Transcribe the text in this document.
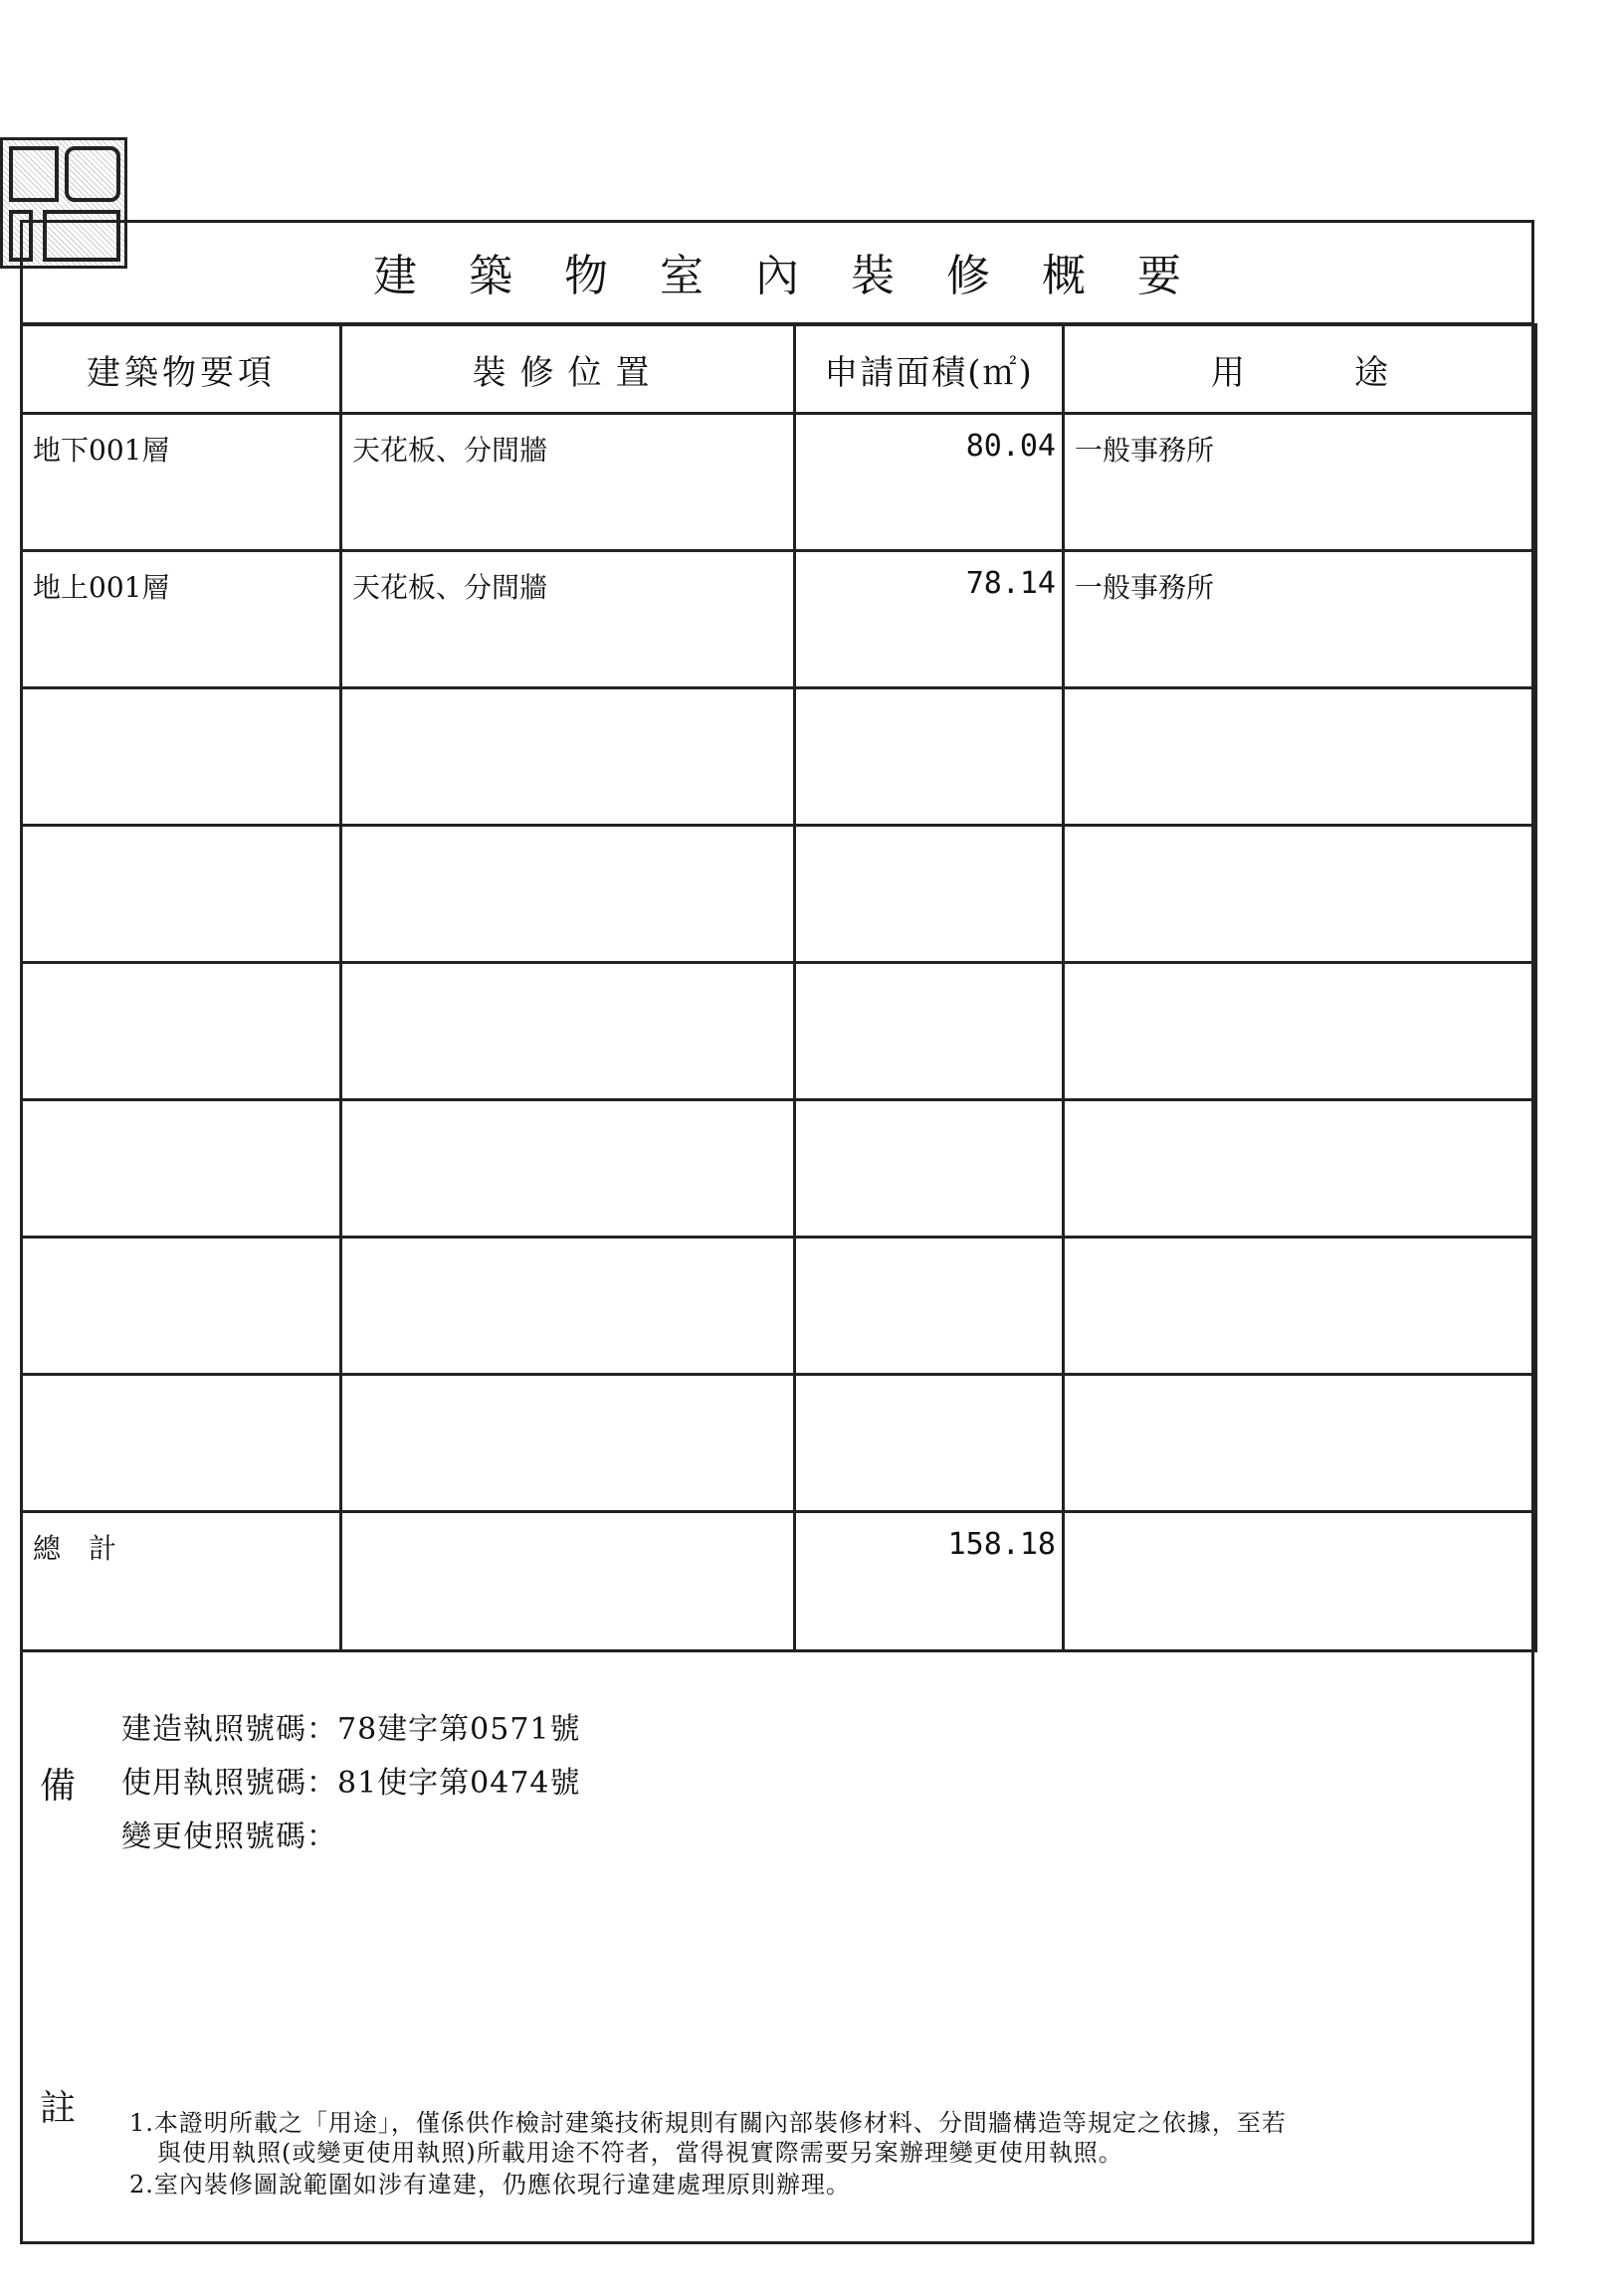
建築物室內裝修概要
建築物要項	裝修位置	申請面積(㎡)	用途

地下001層	天花板、分間牆	80.04	一般事務所

地上001層	天花板、分間牆	78.14	一般事務所

總　計		158.18	

備
建造執照號碼：78建字第0571號
使用執照號碼：81使字第0474號
變更使照號碼：
註 1.本證明所載之「用途」，僅係供作檢討建築技術規則有關內部裝修材料、分間牆構造等規定之依據，至若
與使用執照(或變更使用執照)所載用途不符者，當得視實際需要另案辦理變更使用執照。
2.室內裝修圖說範圍如涉有違建，仍應依現行違建處理原則辦理。
